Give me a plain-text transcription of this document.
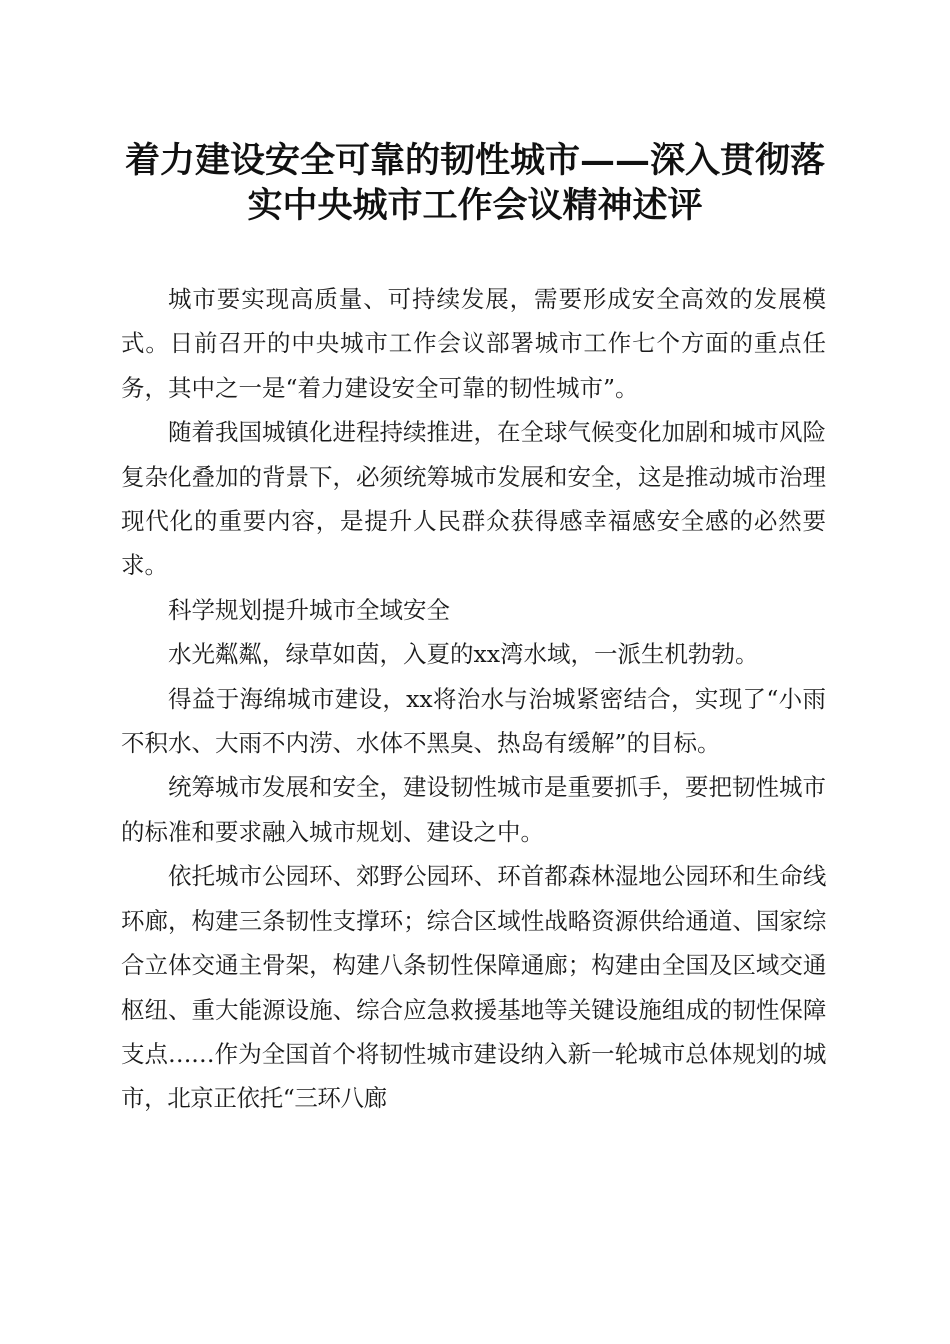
着力建设安全可靠的韧性城市——深入贯彻落
实中央城市工作会议精神述评

城市要实现高质量、可持续发展，需要形成安全高效的发展模式。日前召开的中央城市工作会议部署城市工作七个方面的重点任务，其中之一是“着力建设安全可靠的韧性城市”。

随着我国城镇化进程持续推进，在全球气候变化加剧和城市风险复杂化叠加的背景下，必须统筹城市发展和安全，这是推动城市治理现代化的重要内容，是提升人民群众获得感幸福感安全感的必然要求。

科学规划提升城市全域安全

水光粼粼，绿草如茵，入夏的xx湾水域，一派生机勃勃。

得益于海绵城市建设，xx将治水与治城紧密结合，实现了“小雨不积水、大雨不内涝、水体不黑臭、热岛有缓解”的目标。

统筹城市发展和安全，建设韧性城市是重要抓手，要把韧性城市的标准和要求融入城市规划、建设之中。

依托城市公园环、郊野公园环、环首都森林湿地公园环和生命线环廊，构建三条韧性支撑环；综合区域性战略资源供给通道、国家综合立体交通主骨架，构建八条韧性保障通廊；构建由全国及区域交通枢纽、重大能源设施、综合应急救援基地等关键设施组成的韧性保障支点……作为全国首个将韧性城市建设纳入新一轮城市总体规划的城市，北京正依托“三环八廊
